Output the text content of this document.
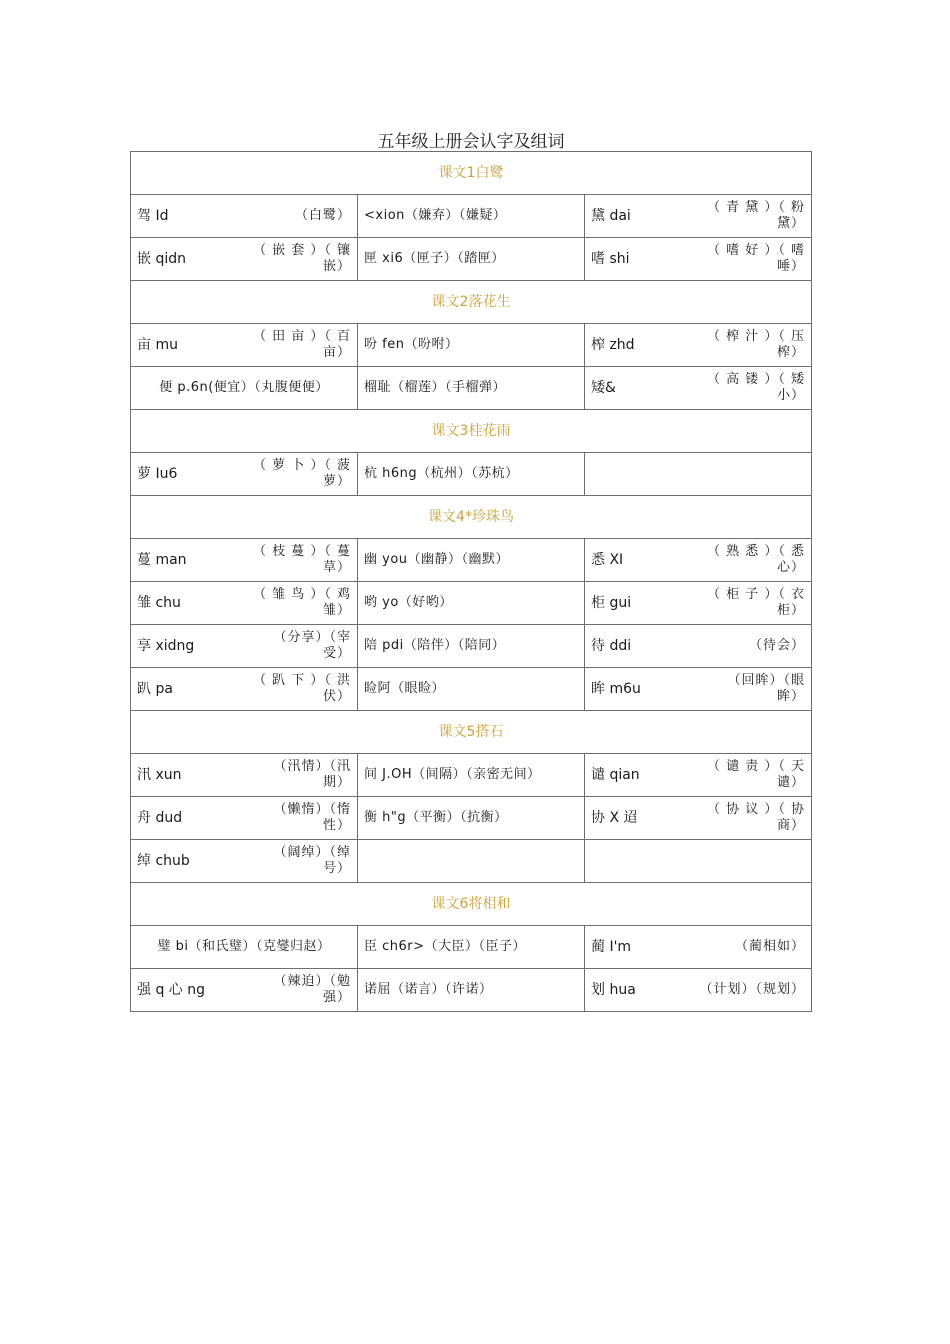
五年级上册会认字及组词
课文1白鹭		

驾 Id （白鹭）	<xion（嫌弃）（嫌疑）	黛 dai
（ 青 黛 ）（ 粉
黛）

嵌 qidn
（ 嵌 套 ）（ 镶
嵌）	匣 xi6（匣子）（踏匣）	嗜 shi
（ 嗜 好 ）（ 嗜
唾）

课文2落花生		

亩 mu
（ 田 亩 ）（ 百
亩）	吩 fen（吩咐）	榨 zhd
（ 榨 汁 ）（ 压
榨）

便 p.6n(便宜）（丸腹便便）	榴耻（榴莲）（手榴弹）	矮&
（ 高 镂 ）（ 矮
小）

课文3桂花雨		

萝 Iu6
（ 萝 卜 ）（ 菠
萝）	杭 h6ng（杭州）（苏杭）	

课文4*珍珠鸟		

蔓 man
（ 枝 蔓 ）（ 蔓
草）	幽 you（幽静）（幽默）	悉 XI
（ 熟 悉 ）（ 悉
心）

雏 chu
（ 雏 鸟 ）（ 鸡
雏）	哟 yo（好哟）	柜 gui
（ 柜 子 ）（ 衣
柜）

享 xidng
（分享）（宰
受）	陪 pdi（陪伴）（陪同）	待 ddi （待会）

趴 pa
（ 趴 下 ）（ 洪
伏）	睑阿（眼睑）	眸 m6u
（回眸）（眼
眸）

课文5搭石		

汛 xun
（汛情）（汛
期）	间 J.OH（间隔）（亲密无间）	谴 qian
（ 谴 责 ）（ 天
谴）

舟 dud
（懒惰）（惰
性）	衡 h"g（平衡）（抗衡）	协 X 迢
（ 协 议 ）（ 协
商）

绰 chub
（阔绰）（绰
号）		

课文6将相和		

璧 bi（和氏璧）（克燮归赵）	臣 ch6r>（大臣）（臣子）	蔺 I'm （蔺相如）

强 q 心 ng
（辣迫）（勉
强）	诺屈（诺言）（许诺）	划 hua （计划）（规划）
